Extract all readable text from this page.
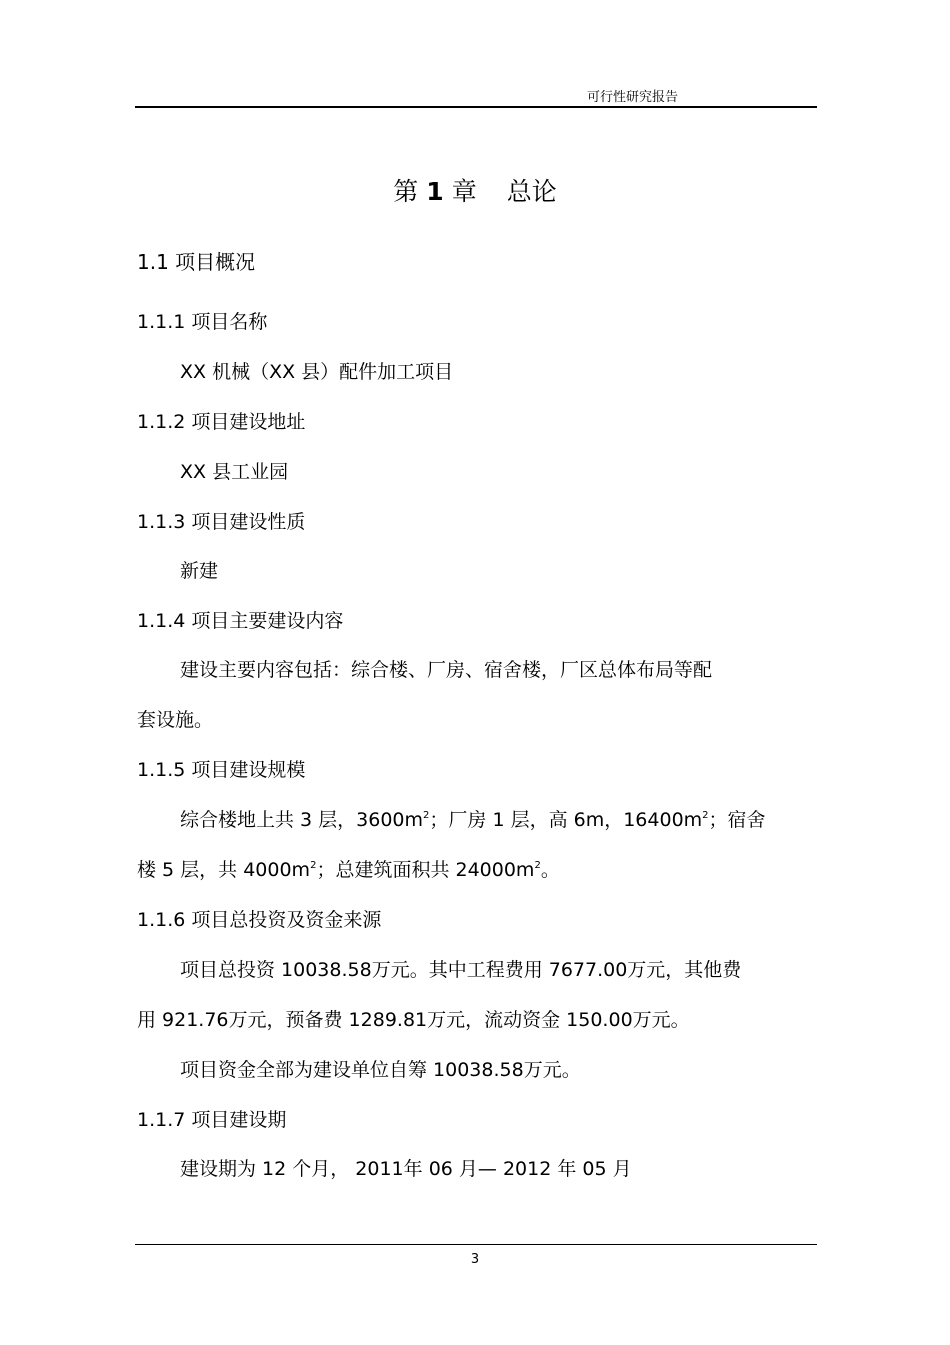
可行性研究报告
第 1 章 总论
1.1 项目概况
1.1.1 项目名称
XX 机械（XX 县）配件加工项目
1.1.2 项目建设地址
XX 县工业园
1.1.3 项目建设性质
新建
1.1.4 项目主要建设内容
建设主要内容包括：综合楼、厂房、宿舍楼，厂区总体布局等配
套设施。
1.1.5 项目建设规模
综合楼地上共 3 层，$3600m^2$；厂房 1 层，高 6m，$16400m^2$；宿舍
楼 5 层，共 $4000m^2$；总建筑面积共 $24000m^2$。
1.1.6 项目总投资及资金来源
项目总投资 10038.58万元。其中工程费用 7677.00万元，其他费
用 921.76万元，预备费 1289.81万元，流动资金 150.00万元。
项目资金全部为建设单位自筹 10038.58万元。
1.1.7 项目建设期
建设期为 12 个月， 2011年 06 月— 2012 年 05 月
3
